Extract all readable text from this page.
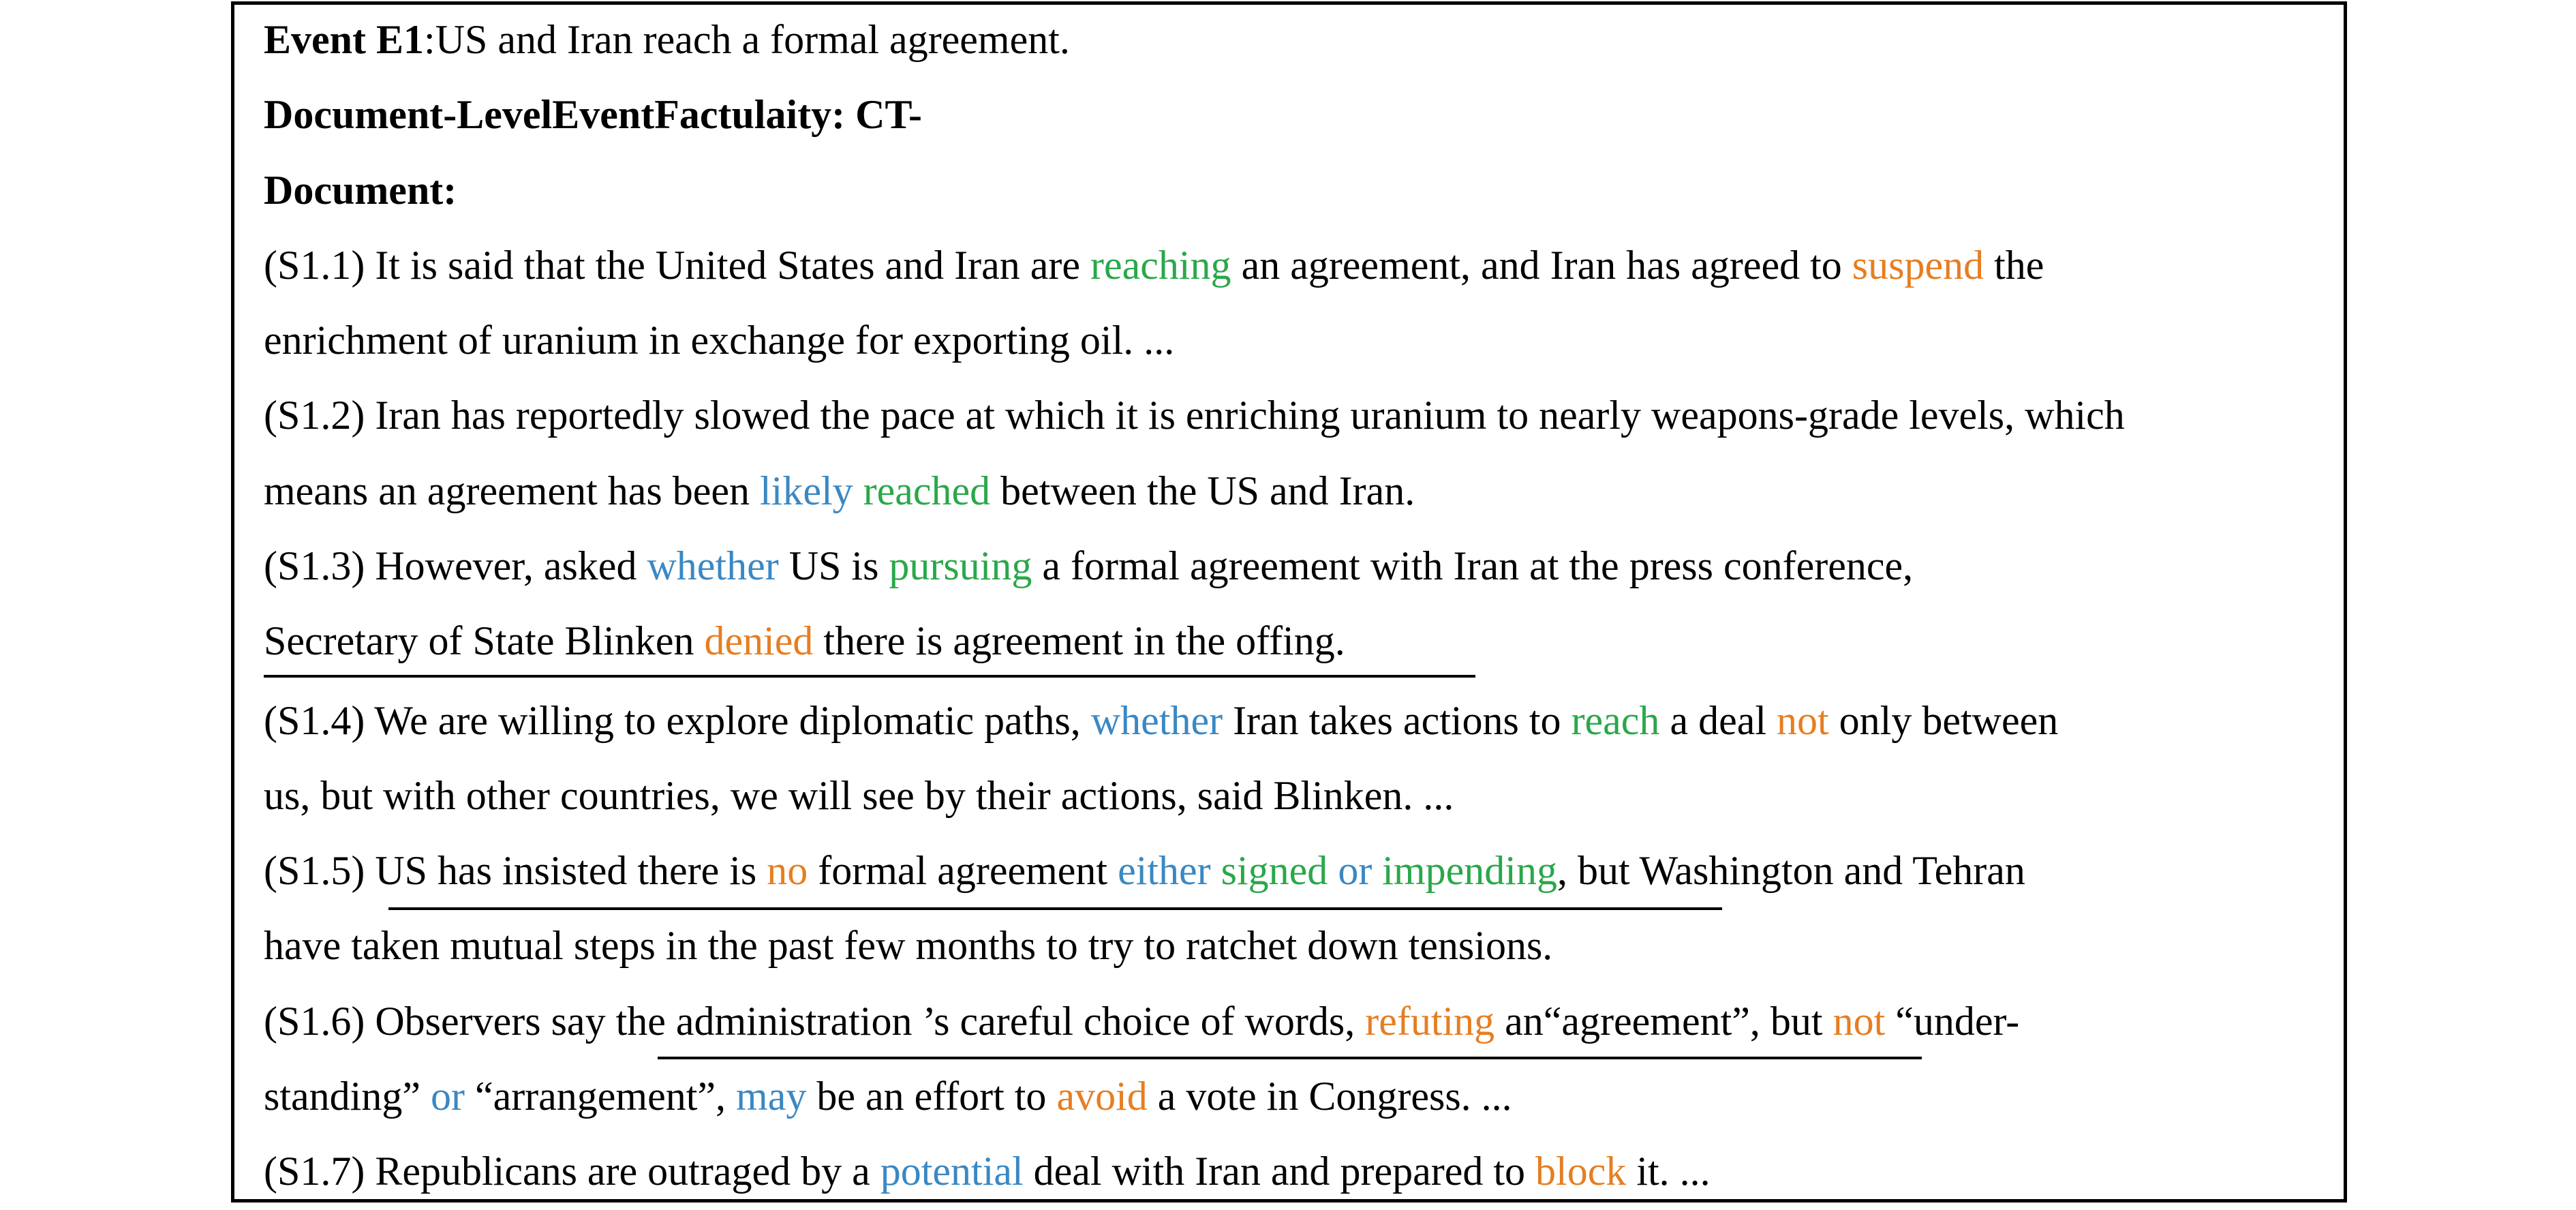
Event E1:US and Iran reach a formal agreement.
Document-LevelEventFactulaity: CT-
Document:
(S1.1) It is said that the United States and Iran are reaching an agreement, and Iran has agreed to suspend the
enrichment of uranium in exchange for exporting oil. ...
(S1.2) Iran has reportedly slowed the pace at which it is enriching uranium to nearly weapons-grade levels, which
means an agreement has been likely reached between the US and Iran.
(S1.3) However, asked whether US is pursuing a formal agreement with Iran at the press conference,
Secretary of State Blinken denied there is agreement in the offing.
(S1.4) We are willing to explore diplomatic paths, whether Iran takes actions to reach a deal not only between
us, but with other countries, we will see by their actions, said Blinken. ...
(S1.5) US has insisted there is no formal agreement either signed or impending, but Washington and Tehran
have taken mutual steps in the past few months to try to ratchet down tensions.
(S1.6) Observers say the administration ’s careful choice of words, refuting an“agreement”, but not “under-
standing” or “arrangement”, may be an effort to avoid a vote in Congress. ...
(S1.7) Republicans are outraged by a potential deal with Iran and prepared to block it. ...
